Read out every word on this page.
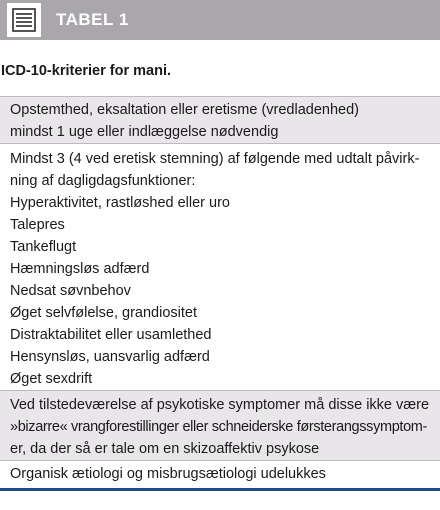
TABEL 1
ICD-10-kriterier for mani.
Opstemthed, eksaltation eller eretisme (vredladenhed)
mindst 1 uge eller indlæggelse nødvendig
Mindst 3 (4 ved eretisk stemning) af følgende med udtalt påvirk-
ning af dagligdagsfunktioner:
Hyperaktivitet, rastløshed eller uro
Talepres
Tankeflugt
Hæmningsløs adfærd
Nedsat søvnbehov
Øget selvfølelse, grandiositet
Distraktabilitet eller usamlethed
Hensynsløs, uansvarlig adfærd
Øget sexdrift
Ved tilstedeværelse af psykotiske symptomer må disse ikke være
»bizarre« vrangforestillinger eller schneiderske førsterangssymptom-
er, da der så er tale om en skizoaffektiv psykose
Organisk ætiologi og misbrugsætiologi udelukkes
